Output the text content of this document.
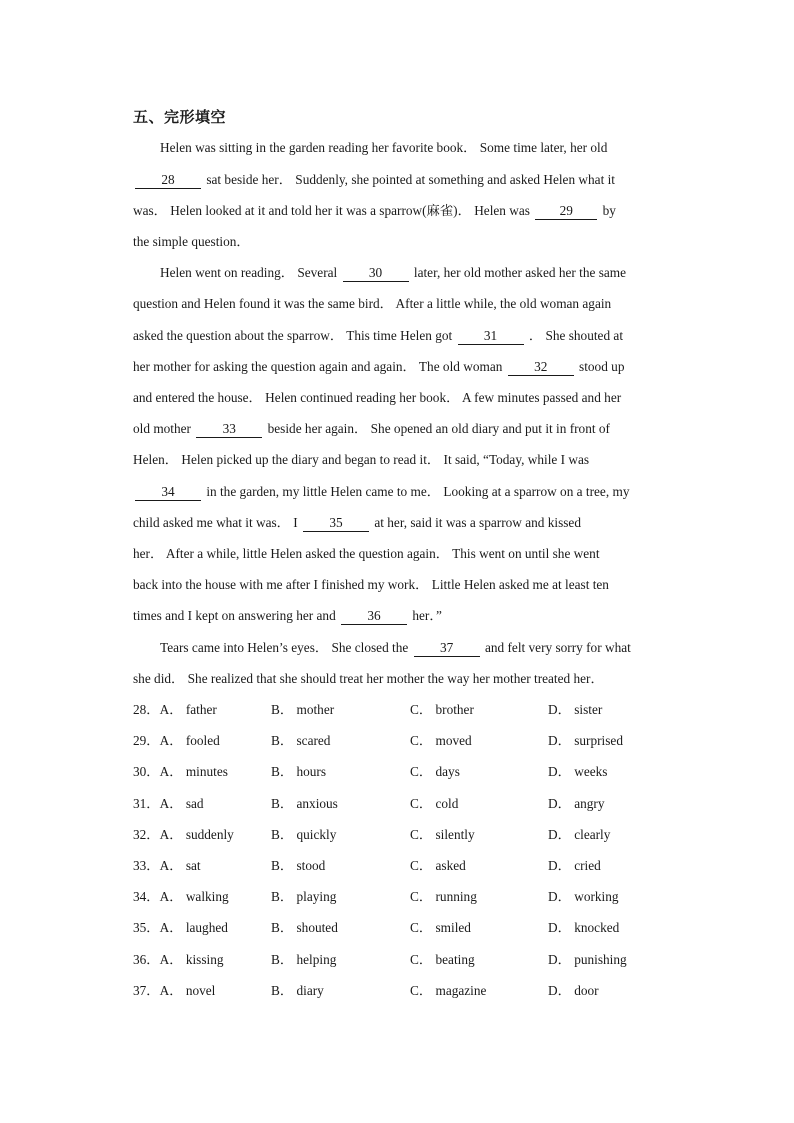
五、完形填空
Helen was sitting in the garden reading her favorite book． Some time later, her old
28 sat beside her． Suddenly, she pointed at something and asked Helen what it
was． Helen looked at it and told her it was a sparrow(麻雀)． Helen was 29 by
the simple question．
Helen went on reading． Several 30 later, her old mother asked her the same
question and Helen found it was the same bird． After a little while, the old woman again
asked the question about the sparrow． This time Helen got 31 ． She shouted at
her mother for asking the question again and again． The old woman 32 stood up
and entered the house． Helen continued reading her book． A few minutes passed and her
old mother 33 beside her again． She opened an old diary and put it in front of
Helen． Helen picked up the diary and began to read it． It said, “Today, while I was
34 in the garden, my little Helen came to me． Looking at a sparrow on a tree, my
child asked me what it was． I 35 at her, said it was a sparrow and kissed
her． After a while, little Helen asked the question again． This went on until she went
back into the house with me after I finished my work． Little Helen asked me at least ten
times and I kept on answering her and 36 her．”
Tears came into Helen’s eyes． She closed the 37 and felt very sorry for what
she did． She realized that she should treat her mother the way her mother treated her．
28．A． father	B． mother	C． brother	D． sister
29．A． fooled	B． scared	C． moved	D． surprised
30．A． minutes	B． hours	C． days	D． weeks
31．A． sad	B． anxious	C． cold	D． angry
32．A． suddenly	B． quickly	C． silently	D． clearly
33．A． sat	B． stood	C． asked	D． cried
34．A． walking	B． playing	C． running	D． working
35．A． laughed	B． shouted	C． smiled	D． knocked
36．A． kissing	B． helping	C． beating	D． punishing
37．A． novel	B． diary	C． magazine	D． door
